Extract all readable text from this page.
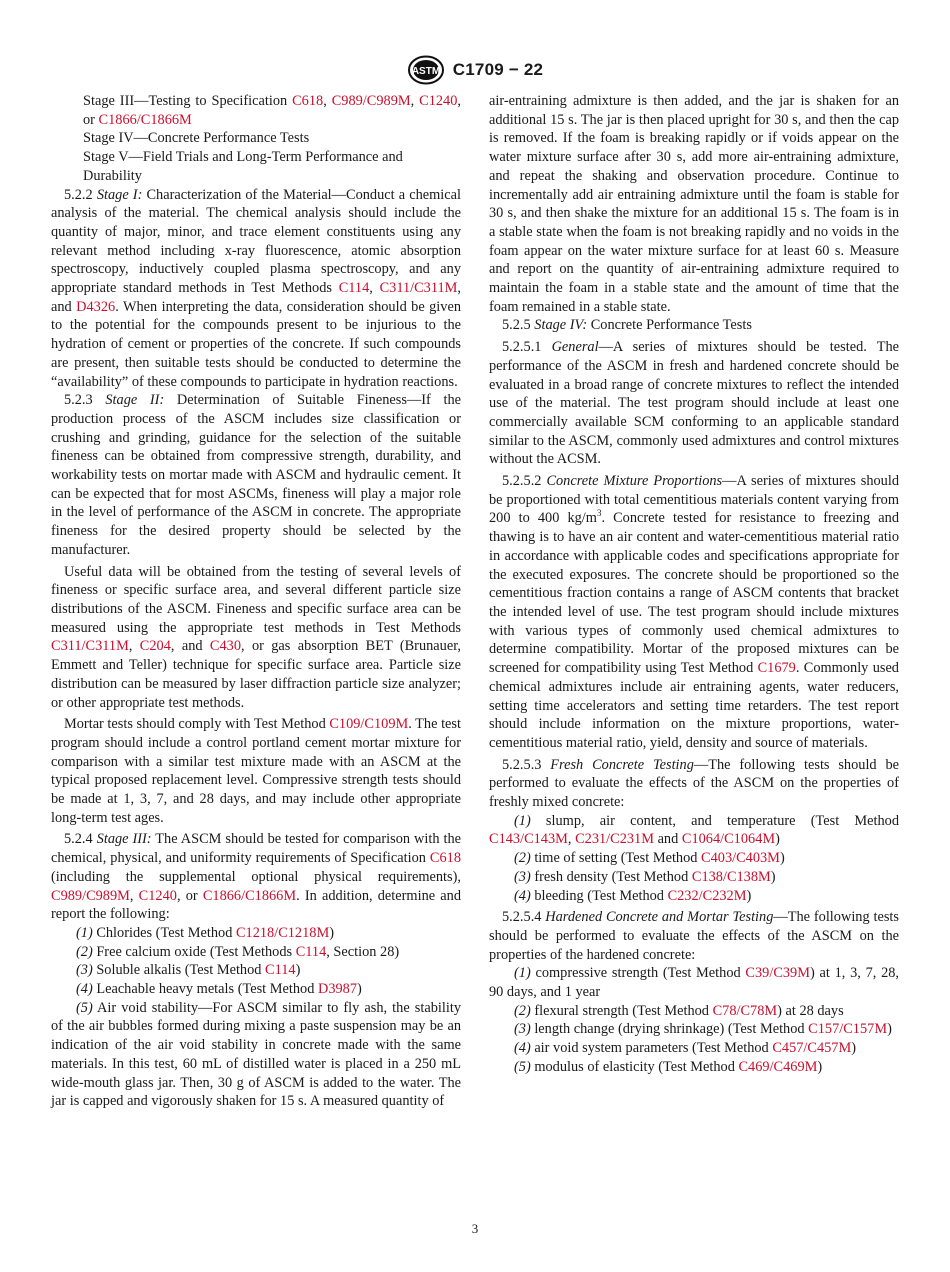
ASTM C1709 − 22

Stage III—Testing to Specification C618, C989/C989M, C1240, or C1866/C1866M

Stage IV—Concrete Performance Tests

Stage V—Field Trials and Long-Term Performance and Durability

5.2.2 Stage I: Characterization of the Material—Conduct a chemical analysis of the material. The chemical analysis should include the quantity of major, minor, and trace element constituents using any relevant method including x-ray fluorescence, atomic absorption spectroscopy, inductively coupled plasma spectroscopy, and any appropriate standard methods in Test Methods C114, C311/C311M, and D4326. When interpreting the data, consideration should be given to the potential for the compounds present to be injurious to the hydration of cement or properties of the concrete. If such compounds are present, then suitable tests should be conducted to determine the “availability” of these compounds to participate in hydration reactions.

5.2.3 Stage II: Determination of Suitable Fineness—If the production process of the ASCM includes size classification or crushing and grinding, guidance for the selection of the suitable fineness can be obtained from compressive strength, durability, and workability tests on mortar made with ASCM and hydraulic cement. It can be expected that for most ASCMs, fineness will play a major role in the level of performance of the ASCM in concrete. The appropriate fineness for the desired property should be selected by the manufacturer.

Useful data will be obtained from the testing of several levels of fineness or specific surface area, and several different particle size distributions of the ASCM. Fineness and specific surface area can be measured using the appropriate test methods in Test Methods C311/C311M, C204, and C430, or gas absorption BET (Brunauer, Emmett and Teller) technique for specific surface area. Particle size distribution can be measured by laser diffraction particle size analyzer; or other appropriate test methods.

Mortar tests should comply with Test Method C109/C109M. The test program should include a control portland cement mortar mixture for comparison with a similar test mixture made with an ASCM at the typical proposed replacement level. Compressive strength tests should be made at 1, 3, 7, and 28 days, and may include other appropriate long-term test ages.

5.2.4 Stage III: The ASCM should be tested for comparison with the chemical, physical, and uniformity requirements of Specification C618 (including the supplemental optional physical requirements), C989/C989M, C1240, or C1866/C1866M. In addition, determine and report the following:

(1) Chlorides (Test Method C1218/C1218M)

(2) Free calcium oxide (Test Methods C114, Section 28)

(3) Soluble alkalis (Test Method C114)

(4) Leachable heavy metals (Test Method D3987)

(5) Air void stability—For ASCM similar to fly ash, the stability of the air bubbles formed during mixing a paste suspension may be an indication of the air void stability in concrete made with the same materials. In this test, 60 mL of distilled water is placed in a 250 mL wide-mouth glass jar. Then, 30 g of ASCM is added to the water. The jar is capped and vigorously shaken for 15 s. A measured quantity of

air-entraining admixture is then added, and the jar is shaken for an additional 15 s. The jar is then placed upright for 30 s, and then the cap is removed. If the foam is breaking rapidly or if voids appear on the water mixture surface after 30 s, add more air-entraining admixture, and repeat the shaking and observation procedure. Continue to incrementally add air entraining admixture until the foam is stable for 30 s, and then shake the mixture for an additional 15 s. The foam is in a stable state when the foam is not breaking rapidly and no voids in the foam appear on the water mixture surface for at least 60 s. Measure and report on the quantity of air-entraining admixture required to maintain the foam in a stable state and the amount of time that the foam remained in a stable state.

5.2.5 Stage IV: Concrete Performance Tests

5.2.5.1 General—A series of mixtures should be tested. The performance of the ASCM in fresh and hardened concrete should be evaluated in a broad range of concrete mixtures to reflect the intended use of the material. The test program should include at least one commercially available SCM conforming to an applicable standard similar to the ASCM, commonly used admixtures and control mixtures without the ACSM.

5.2.5.2 Concrete Mixture Proportions—A series of mixtures should be proportioned with total cementitious materials content varying from 200 to 400 $kg/m^3$. Concrete tested for resistance to freezing and thawing is to have an air content and water-cementitious material ratio in accordance with applicable codes and specifications appropriate for the executed exposures. The concrete should be proportioned so the cementitious fraction contains a range of ASCM contents that bracket the intended level of use. The test program should include mixtures with various types of commonly used chemical admixtures to determine compatibility. Mortar of the proposed mixtures can be screened for compatibility using Test Method C1679. Commonly used chemical admixtures include air entraining agents, water reducers, setting time accelerators and setting time retarders. The test report should include information on the mixture proportions, water-cementitious material ratio, yield, density and source of materials.

5.2.5.3 Fresh Concrete Testing—The following tests should be performed to evaluate the effects of the ASCM on the properties of freshly mixed concrete:

(1) slump, air content, and temperature (Test Method C143/C143M, C231/C231M and C1064/C1064M)

(2) time of setting (Test Method C403/C403M)

(3) fresh density (Test Method C138/C138M)

(4) bleeding (Test Method C232/C232M)

5.2.5.4 Hardened Concrete and Mortar Testing—The following tests should be performed to evaluate the effects of the ASCM on the properties of the hardened concrete:

(1) compressive strength (Test Method C39/C39M) at 1, 3, 7, 28, 90 days, and 1 year

(2) flexural strength (Test Method C78/C78M) at 28 days

(3) length change (drying shrinkage) (Test Method C157/C157M)

(4) air void system parameters (Test Method C457/C457M)

(5) modulus of elasticity (Test Method C469/C469M)

3
